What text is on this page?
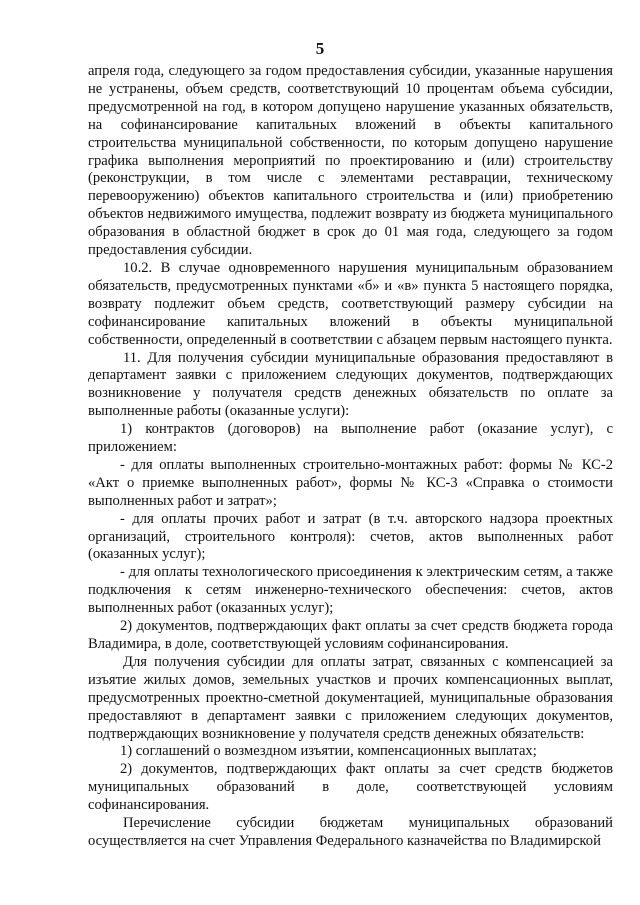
5

апреля года, следующего за годом предоставления субсидии, указанные нарушения не устранены, объем средств, соответствующий 10 процентам объема субсидии, предусмотренной на год, в котором допущено нарушение указанных обязательств, на софинансирование капитальных вложений в объекты капитального строительства муниципальной собственности, по которым допущено нарушение графика выполнения мероприятий по проектированию и (или) строительству (реконструкции, в том числе с элементами реставрации, техническому перевооружению) объектов капитального строительства и (или) приобретению объектов недвижимого имущества, подлежит возврату из бюджета муниципального образования в областной бюджет в срок до 01 мая года, следующего за годом предоставления субсидии.

10.2. В случае одновременного нарушения муниципальным образованием обязательств, предусмотренных пунктами «б» и «в» пункта 5 настоящего порядка, возврату подлежит объем средств, соответствующий размеру субсидии на софинансирование капитальных вложений в объекты муниципальной собственности, определенный в соответствии с абзацем первым настоящего пункта.

11. Для получения субсидии муниципальные образования предоставляют в департамент заявки с приложением следующих документов, подтверждающих возникновение у получателя средств денежных обязательств по оплате за выполненные работы (оказанные услуги):

1) контрактов (договоров) на выполнение работ (оказание услуг), с приложением:

- для оплаты выполненных строительно-монтажных работ: формы № КС-2 «Акт о приемке выполненных работ», формы № КС-3 «Справка о стоимости выполненных работ и затрат»;

- для оплаты прочих работ и затрат (в т.ч. авторского надзора проектных организаций, строительного контроля): счетов, актов выполненных работ (оказанных услуг);

- для оплаты технологического присоединения к электрическим сетям, а также подключения к сетям инженерно-технического обеспечения: счетов, актов выполненных работ (оказанных услуг);

2) документов, подтверждающих факт оплаты за счет средств бюджета города Владимира, в доле, соответствующей условиям софинансирования.

Для получения субсидии для оплаты затрат, связанных с компенсацией за изъятие жилых домов, земельных участков и прочих компенсационных выплат, предусмотренных проектно-сметной документацией, муниципальные образования предоставляют в департамент заявки с приложением следующих документов, подтверждающих возникновение у получателя средств денежных обязательств:

1) соглашений о возмездном изъятии, компенсационных выплатах;

2) документов, подтверждающих факт оплаты за счет средств бюджетов муниципальных образований в доле, соответствующей условиям софинансирования.

Перечисление субсидии бюджетам муниципальных образований осуществляется на счет Управления Федерального казначейства по Владимирской
